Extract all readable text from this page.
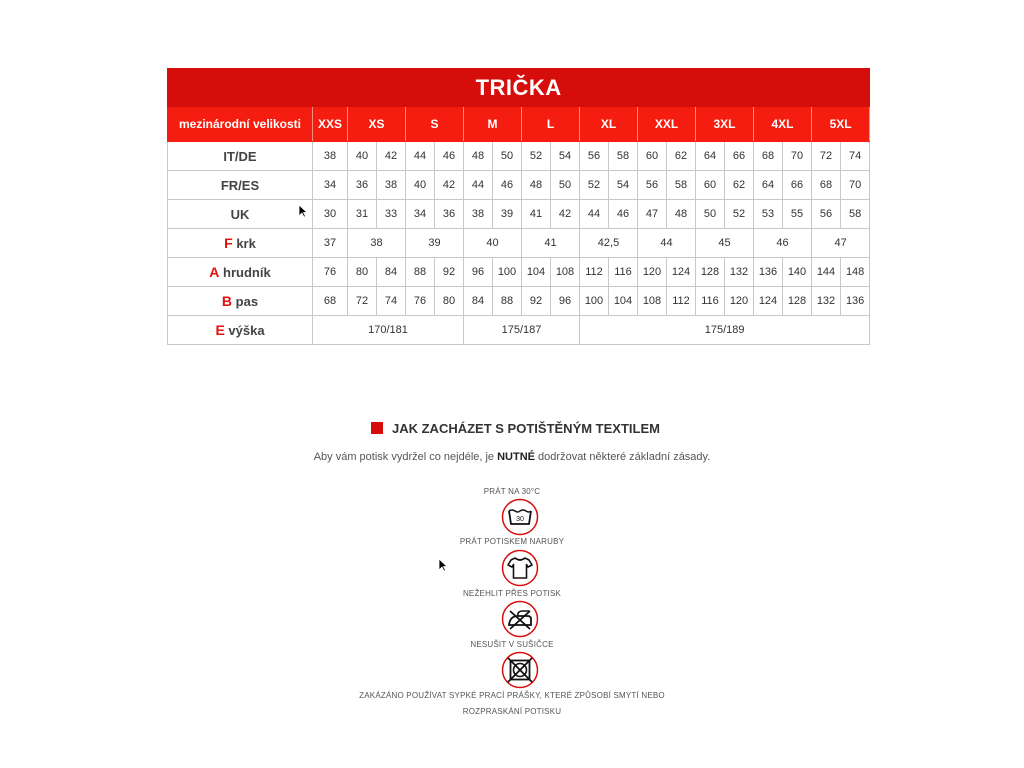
TRIČKA																			
mezinárodní velikosti	XXS	XS		S		M		L		XL		XXL		3XL		4XL		5XL	
IT/DE	38	40	42	44	46	48	50	52	54	56	58	60	62	64	66	68	70	72	74
FR/ES	34	36	38	40	42	44	46	48	50	52	54	56	58	60	62	64	66	68	70
UK	30	31	33	34	36	38	39	41	42	44	46	47	48	50	52	53	55	56	58
F krk	37	38		39		40		41		42,5		44		45		46		47	
A hrudník	76	80	84	88	92	96	100	104	108	112	116	120	124	128	132	136	140	144	148
B pas	68	72	74	76	80	84	88	92	96	100	104	108	112	116	120	124	128	132	136
E výška	170/181					175/187				175/189									
JAK ZACHÁZET S POTIŠTĚNÝM TEXTILEM
Aby vám potisk vydržel co nejdéle, je NUTNÉ dodržovat některé základní zásady.
PRÁT NA 30°C
30
PRÁT POTISKEM NARUBY
NEŽEHLIT PŘES POTISK
NESUŠIT V SUŠIČCE
ZAKÁZÁNO POUŽÍVAT SYPKÉ PRACÍ PRÁŠKY, KTERÉ ZPŮSOBÍ SMYTÍ NEBO
ROZPRASKÁNÍ POTISKU
